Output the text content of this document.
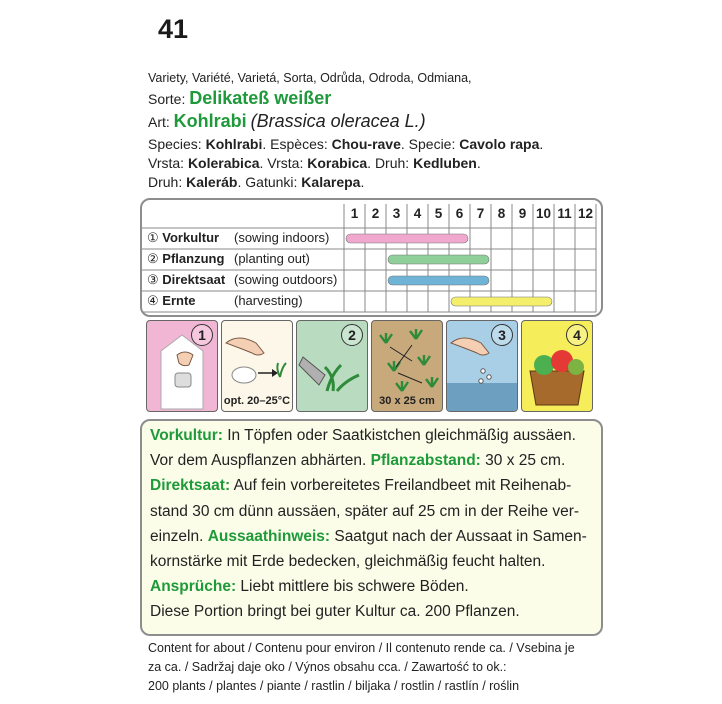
41
Variety, Variété, Varietá, Sorta, Odrůda, Odroda, Odmiana,
Sorte: Delikateß weißer
Art: Kohlrabi (Brassica oleracea L.)
Species: Kohlrabi. Espèces: Chou-rave. Specie: Cavolo rapa.
Vrsta: Kolerabica. Vrsta: Korabica. Druh: Kedluben.
Druh: Kaleráb. Gatunki: Kalarepa.
1 2 3 4 5 6 7 8 9 10 11 12
① Vorkultur (sowing indoors)
② Pflanzung (planting out)
③ Direktsaat (sowing outdoors)
④ Ernte	(harvesting)
1
opt. 20–25°C
2
30 x 25 cm
3	4
Vorkultur: In Töpfen oder Saatkistchen gleichmäßig aussäen.
Vor dem Auspflanzen abhärten. Pflanzabstand: 30 x 25 cm.
Direktsaat: Auf fein vorbereitetes Freilandbeet mit Reihenab-
stand 30 cm dünn aussäen, später auf 25 cm in der Reihe ver-
einzeln. Aussaathinweis: Saatgut nach der Aussaat in Samen-
kornstärke mit Erde bedecken, gleichmäßig feucht halten.
Ansprüche: Liebt mittlere bis schwere Böden.
Diese Portion bringt bei guter Kultur ca. 200 Pflanzen.
Content for about / Contenu pour environ / Il contenuto rende ca. / Vsebina je
za ca. / Sadržaj daje oko / Výnos obsahu cca. / Zawartość to ok.:
200 plants / plantes / piante / rastlin / biljaka / rostlin / rastlín / roślin
